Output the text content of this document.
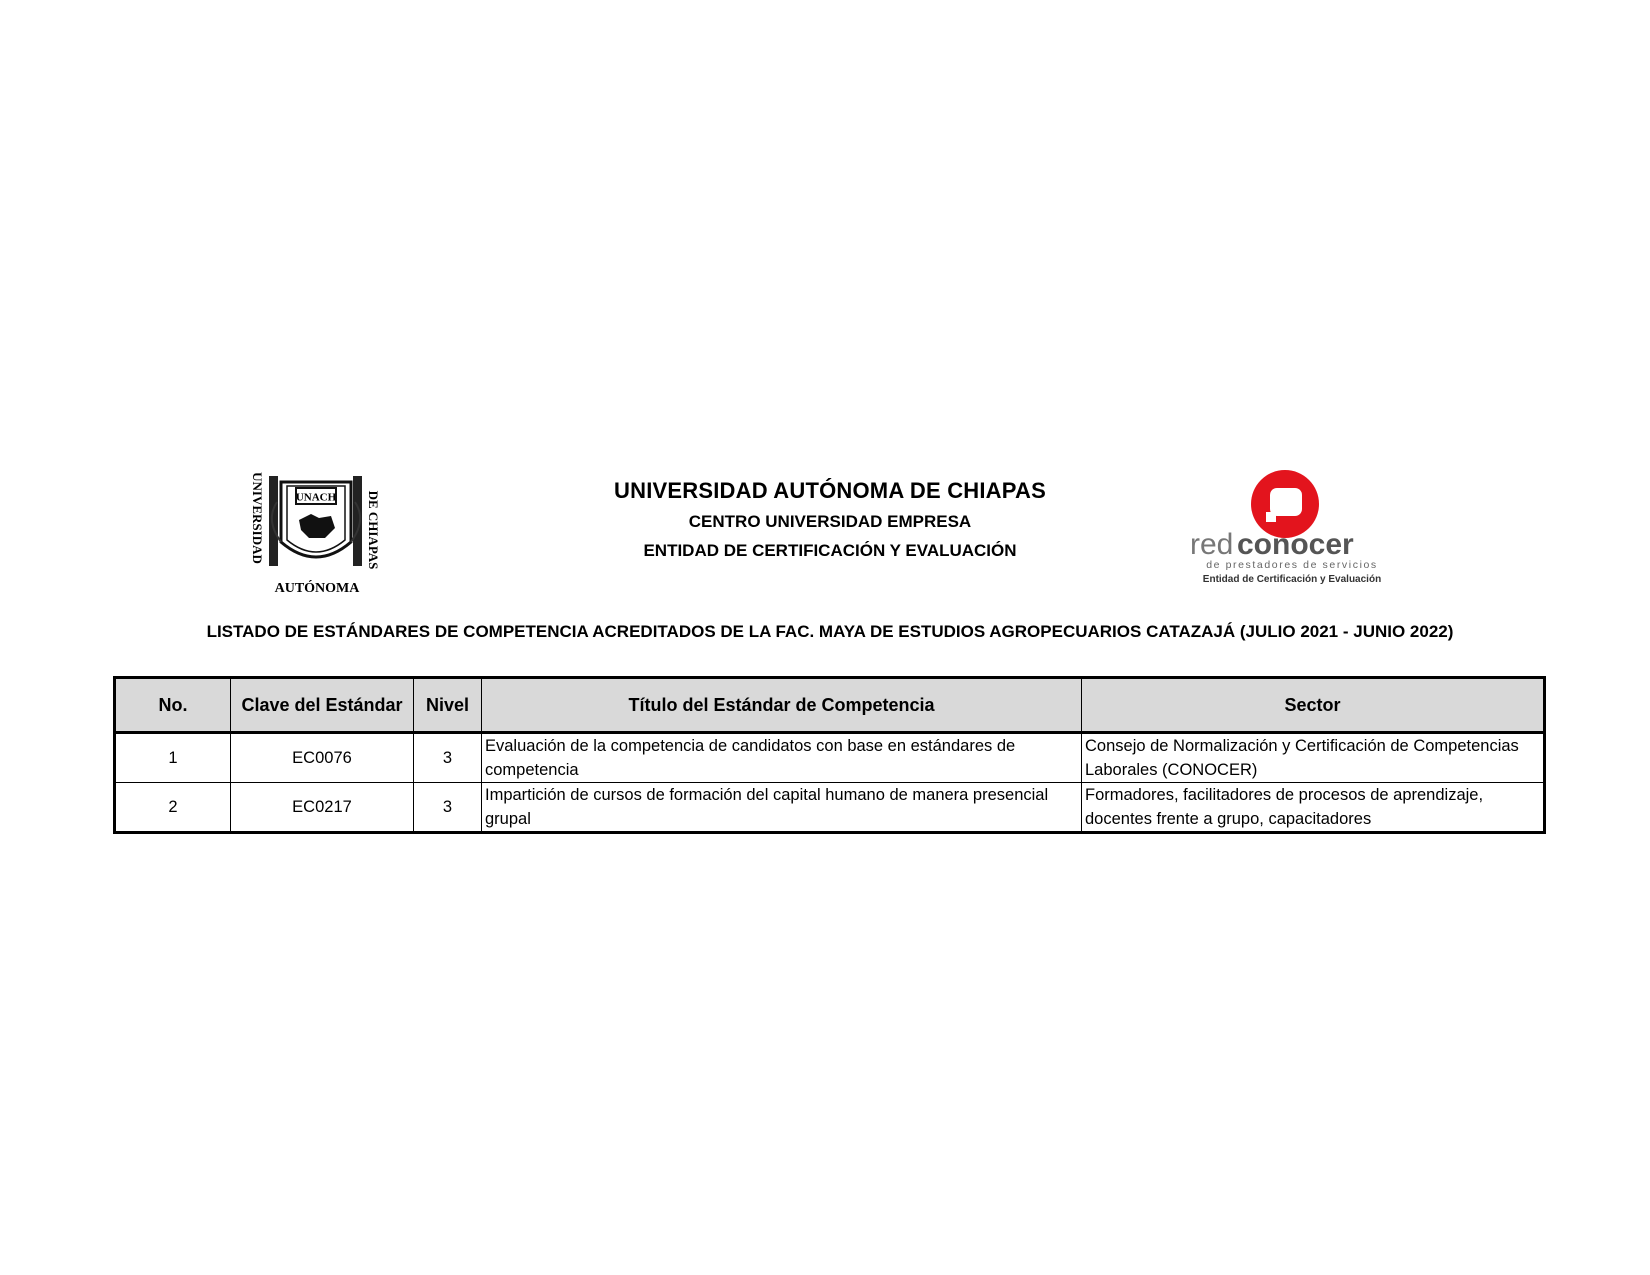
UNIVERSIDAD	DE CHIAPAS
UNACH
AUTÓNOMA
UNIVERSIDAD AUTÓNOMA DE CHIAPAS
CENTRO UNIVERSIDAD EMPRESA
ENTIDAD DE CERTIFICACIÓN Y EVALUACIÓN	red conocer
de prestadores de servicios
Entidad de Certificación y Evaluación
LISTADO DE ESTÁNDARES DE COMPETENCIA ACREDITADOS DE LA FAC. MAYA DE ESTUDIOS AGROPECUARIOS CATAZAJÁ (JULIO 2021 - JUNIO 2022)
No.	Clave del Estándar	Nivel	Título del Estándar de Competencia	Sector
1	EC0076	3	Evaluación de la competencia de candidatos con base en estándares de competencia	Consejo de Normalización y Certificación de Competencias Laborales (CONOCER)
2	EC0217	3	Impartición de cursos de formación del capital humano de manera presencial grupal	Formadores, facilitadores de procesos de aprendizaje, docentes frente a grupo, capacitadores
